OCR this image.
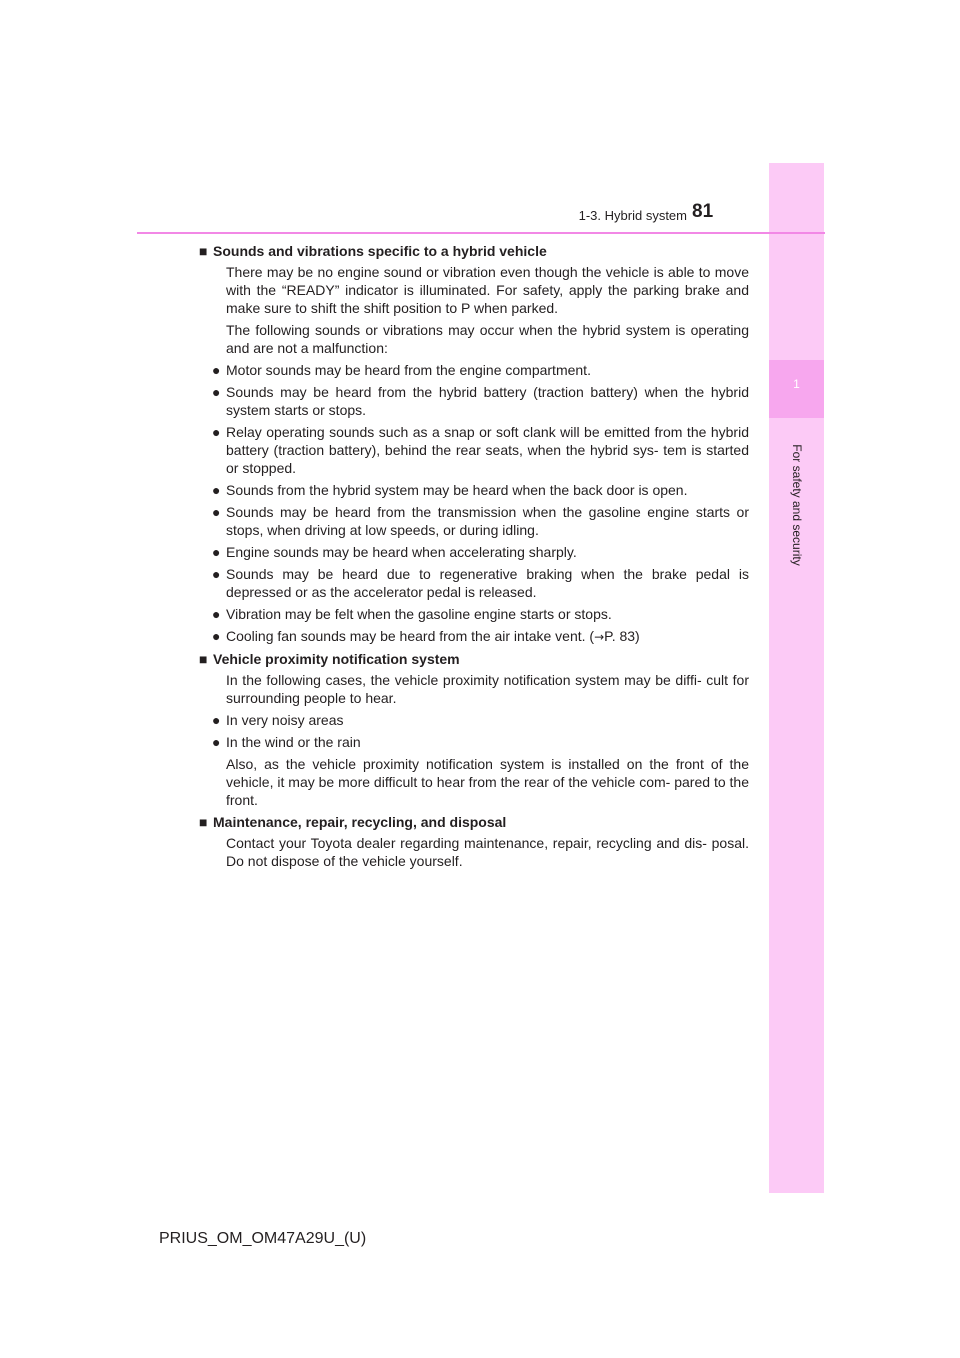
1
For safety and security
1-3. Hybrid system 81
■ Sounds and vibrations specific to a hybrid vehicle
There may be no engine sound or vibration even though the vehicle is able to move with the “READY” indicator is illuminated. For safety, apply the parking brake and make sure to shift the shift position to P when parked.
The following sounds or vibrations may occur when the hybrid system is operating and are not a malfunction:
● Motor sounds may be heard from the engine compartment.
● Sounds may be heard from the hybrid battery (traction battery) when the hybrid system starts or stops.
● Relay operating sounds such as a snap or soft clank will be emitted from the hybrid battery (traction battery), behind the rear seats, when the hybrid sys- tem is started or stopped.
● Sounds from the hybrid system may be heard when the back door is open.
● Sounds may be heard from the transmission when the gasoline engine starts or stops, when driving at low speeds, or during idling.
● Engine sounds may be heard when accelerating sharply.
● Sounds may be heard due to regenerative braking when the brake pedal is depressed or as the accelerator pedal is released.
● Vibration may be felt when the gasoline engine starts or stops.
● Cooling fan sounds may be heard from the air intake vent. (→P. 83)
■ Vehicle proximity notification system
In the following cases, the vehicle proximity notification system may be diffi- cult for surrounding people to hear.
● In very noisy areas
● In the wind or the rain
Also, as the vehicle proximity notification system is installed on the front of the vehicle, it may be more difficult to hear from the rear of the vehicle com- pared to the front.
■ Maintenance, repair, recycling, and disposal
Contact your Toyota dealer regarding maintenance, repair, recycling and dis- posal. Do not dispose of the vehicle yourself.
PRIUS_OM_OM47A29U_(U)
